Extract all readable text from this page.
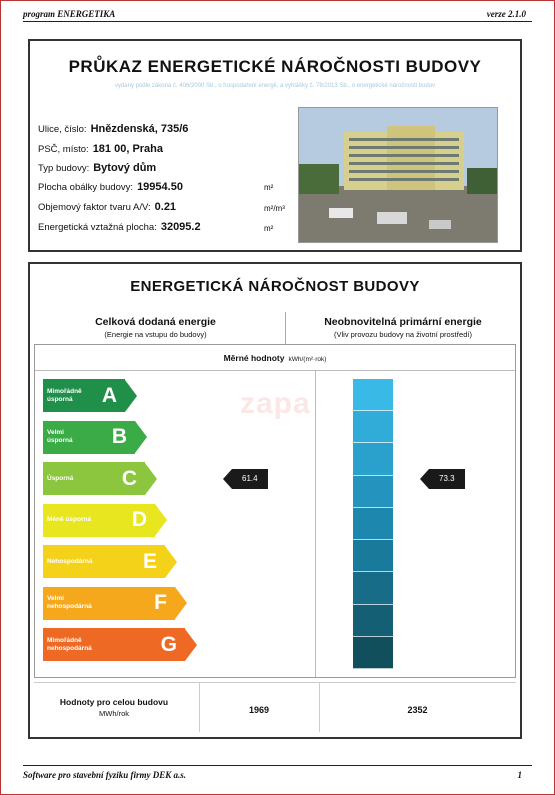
program ENERGETIKA	verze 2.1.0
PRŮKAZ ENERGETICKÉ NÁROČNOSTI BUDOVY
vydaný podle zákona č. 406/2000 Sb., o hospodaření energií, a vyhlášky č. 78/2013 Sb., o energetické náročnosti budov
Ulice, číslo: Hnězdenská, 735/6
PSČ, místo: 181 00, Praha
Typ budovy: Bytový dům
Plocha obálky budovy: 19954.50	m²
Objemový faktor tvaru A/V: 0.21	m²/m³
Energetická vztažná plocha: 32095.2	m²
ENERGETICKÁ NÁROČNOST BUDOVY
Celková dodaná energie
(Energie na vstupu do budovy)
Neobnovitelná primární energie
(Vliv provozu budovy na životní prostředí)
Měrné hodnoty kWh/(m²·rok)
zapa
Mimořádně
úsporná	A
Velmi
úsporná B
Úsporná C
Méně úsporná D
Nehospodárná E
Velmi
nehospodárná	F
Mimořádně
nehospodárná	G
61.4	73.3
Hodnoty pro celou budovu
MWh/rok	1969	2352
Software pro stavební fyziku firmy DEK a.s.	1
